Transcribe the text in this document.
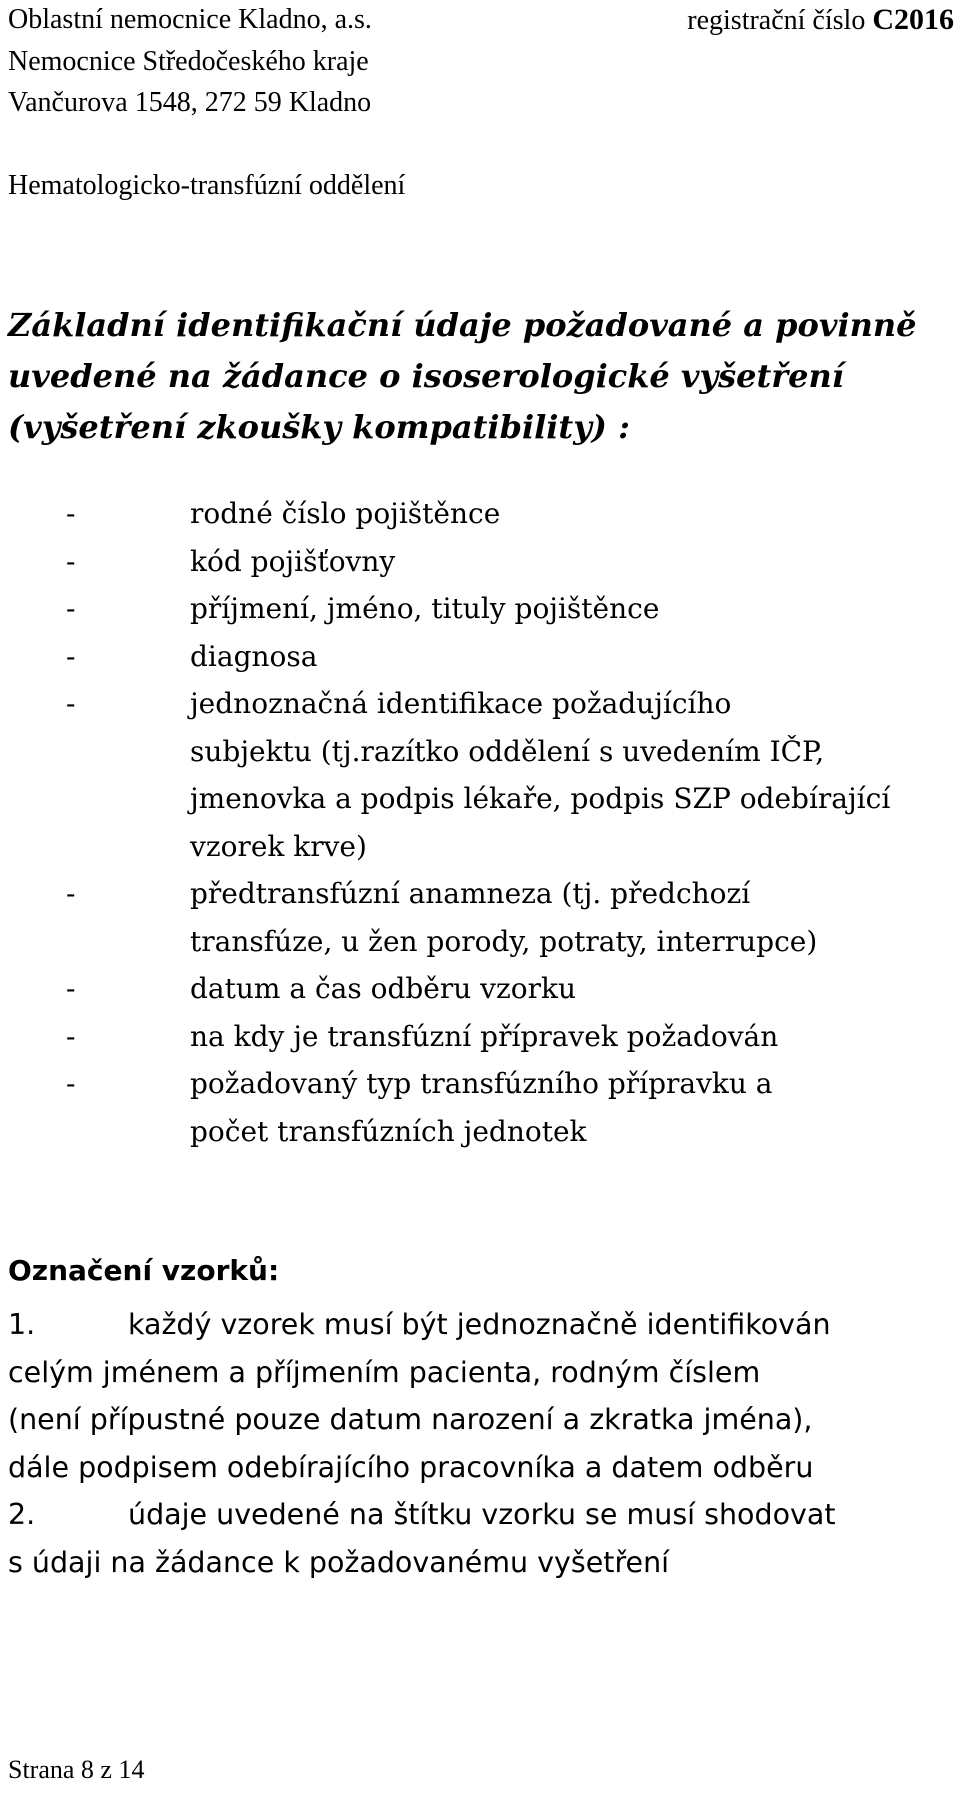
Oblastní nemocnice Kladno, a.s.
Nemocnice Středočeského kraje
Vančurova 1548, 272 59 Kladno
Hematologicko-transfúzní oddělení
registrační číslo C2016
Základní identifikační údaje požadované a povinně
uvedené na žádance o isoserologické vyšetření
(vyšetření zkoušky kompatibility) :
-	rodné číslo pojištěnce
-	kód pojišťovny
-	příjmení, jméno, tituly pojištěnce
-	diagnosa
-	jednoznačná identifikace požadujícího
subjektu (tj.razítko oddělení s uvedením IČP,
jmenovka a podpis lékaře, podpis SZP odebírající
vzorek krve)
-	předtransfúzní anamneza (tj. předchozí
transfúze, u žen porody, potraty, interrupce)
-	datum a čas odběru vzorku
-	na kdy je transfúzní přípravek požadován
-	požadovaný typ transfúzního přípravku a
počet transfúzních jednotek
Označení vzorků:
1.	každý vzorek musí být jednoznačně identifikován
celým jménem a příjmením pacienta, rodným číslem
(není přípustné pouze datum narození a zkratka jména),
dále podpisem odebírajícího pracovníka a datem odběru
2.	údaje uvedené na štítku vzorku se musí shodovat
s údaji na žádance k požadovanému vyšetření
Strana 8 z 14
